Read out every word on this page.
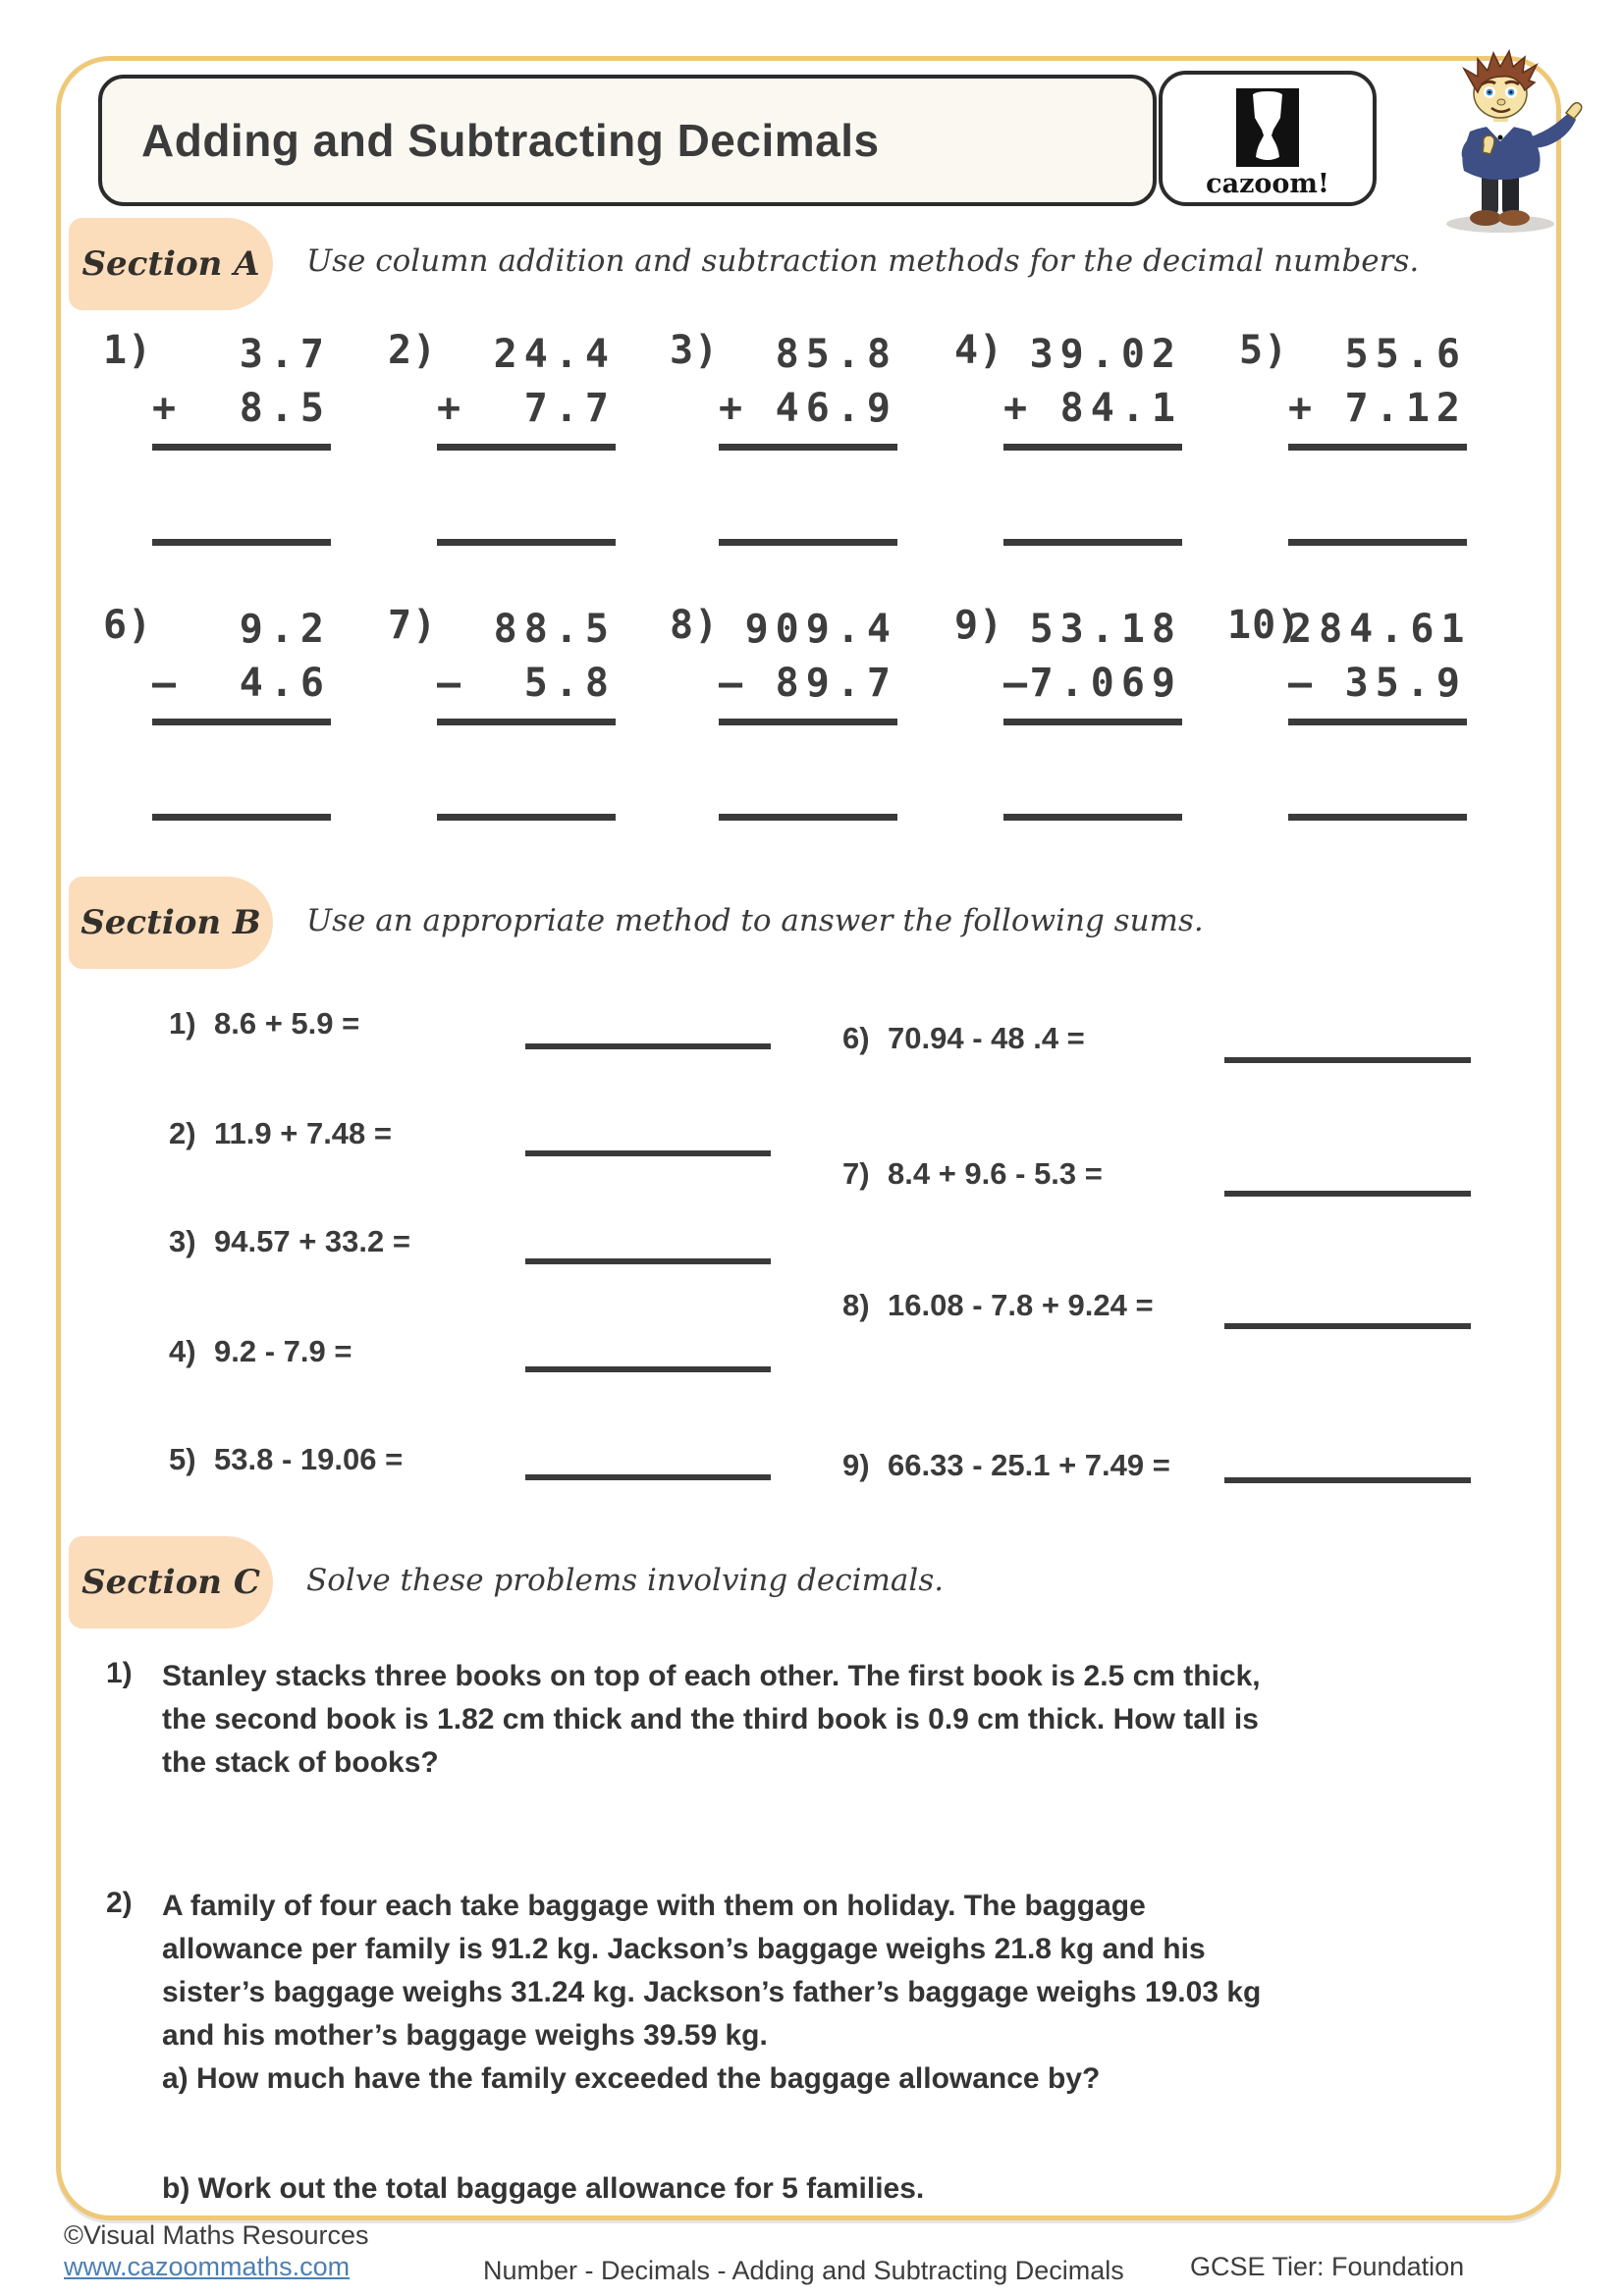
Adding and Subtracting Decimals
cazoom!
Section A	Use column addition and subtraction methods for the decimal numbers.
1)	3.7
+ 8.5
2)	24.4
+ 7.7
3)	85.8
+ 46.9
4) 39.02
+ 84.1
5)	55.6
+ 7.12
6)	9.2
– 4.6
7)	88.5
– 5.8
8) 909.4
– 89.7
9) 53.18
– 7.069
10)
284.61
– 35.9
Section B	Use an appropriate method to answer the following sums.
1) 8.6 + 5.9 =
2) 11.9 + 7.48 =
3) 94.57 + 33.2 =
4) 9.2 - 7.9 =
5) 53.8 - 19.06 =
6) 70.94 - 48 .4 =
7) 8.4 + 9.6 - 5.3 =
8) 16.08 - 7.8 + 9.24 =
9) 66.33 - 25.1 + 7.49 =
Section C	Solve these problems involving decimals.
1) Stanley stacks three books on top of each other. The first book is 2.5 cm thick,
the second book is 1.82 cm thick and the third book is 0.9 cm thick. How tall is
the stack of books?
2) A family of four each take baggage with them on holiday. The baggage
allowance per family is 91.2 kg. Jackson’s baggage weighs 21.8 kg and his
sister’s baggage weighs 31.24 kg. Jackson’s father’s baggage weighs 19.03 kg
and his mother’s baggage weighs 39.59 kg.
a) How much have the family exceeded the baggage allowance by?
b) Work out the total baggage allowance for 5 families.
©Visual Maths Resources
www.cazoommaths.com	Number - Decimals - Adding and Subtracting Decimals GCSE Tier: Foundation
